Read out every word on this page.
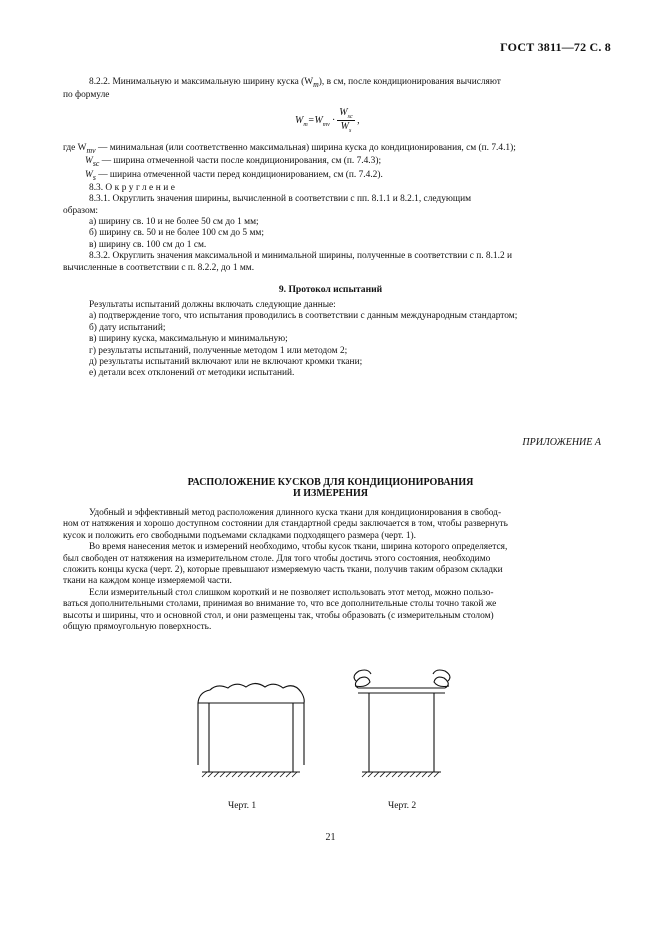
ГОСТ 3811—72 С. 8
8.2.2. Минимальную и максимальную ширину куска $(W_m)$, в см, после кондиционирования вычисляют
по формуле
$W_m=W_{mv} \cdot \frac{W_{sc}}{W_s}$ ,
где $W_{mv}$ — минимальная (или соответственно максимальная) ширина куска до кондиционирования, см (п. 7.4.1);
$W_{sc}$ — ширина отмеченной части после кондиционирования, см (п. 7.4.3);
$W_s$ — ширина отмеченной части перед кондиционированием, см (п. 7.4.2).
8.3. Округление
8.3.1. Округлить значения ширины, вычисленной в соответствии с пп. 8.1.1 и 8.2.1, следующим
образом:
а) ширину св. 10 и не более 50 см до 1 мм;
б) ширину св. 50 и не более 100 см до 5 мм;
в) ширину св. 100 см до 1 см.
8.3.2. Округлить значения максимальной и минимальной ширины, полученные в соответствии с п. 8.1.2 и
вычисленные в соответствии с п. 8.2.2, до 1 мм.
9. Протокол испытаний
Результаты испытаний должны включать следующие данные:
а) подтверждение того, что испытания проводились в соответствии с данным международным стандартом;
б) дату испытаний;
в) ширину куска, максимальную и минимальную;
г) результаты испытаний, полученные методом 1 или методом 2;
д) результаты испытаний включают или не включают кромки ткани;
е) детали всех отклонений от методики испытаний.
ПРИЛОЖЕНИЕ А
РАСПОЛОЖЕНИЕ КУСКОВ ДЛЯ КОНДИЦИОНИРОВАНИЯ
И ИЗМЕРЕНИЯ
Удобный и эффективный метод расположения длинного куска ткани для кондиционирования в свобод-
ном от натяжения и хорошо доступном состоянии для стандартной среды заключается в том, чтобы развернуть
кусок и положить его свободными подъемами складками подходящего размера (черт. 1).
Во время нанесения меток и измерений необходимо, чтобы кусок ткани, ширина которого определяется,
был свободен от натяжения на измерительном столе. Для того чтобы достичь этого состояния, необходимо
сложить концы куска (черт. 2), которые превышают измеряемую часть ткани, получив таким образом складки
ткани на каждом конце измеряемой части.
Если измерительный стол слишком короткий и не позволяет использовать этот метод, можно пользо-
ваться дополнительными столами, принимая во внимание то, что все дополнительные столы точно такой же
высоты и ширины, что и основной стол, и они размещены так, чтобы образовать (с измерительным столом)
общую прямоугольную поверхность.
Черт. 1	Черт. 2
21
